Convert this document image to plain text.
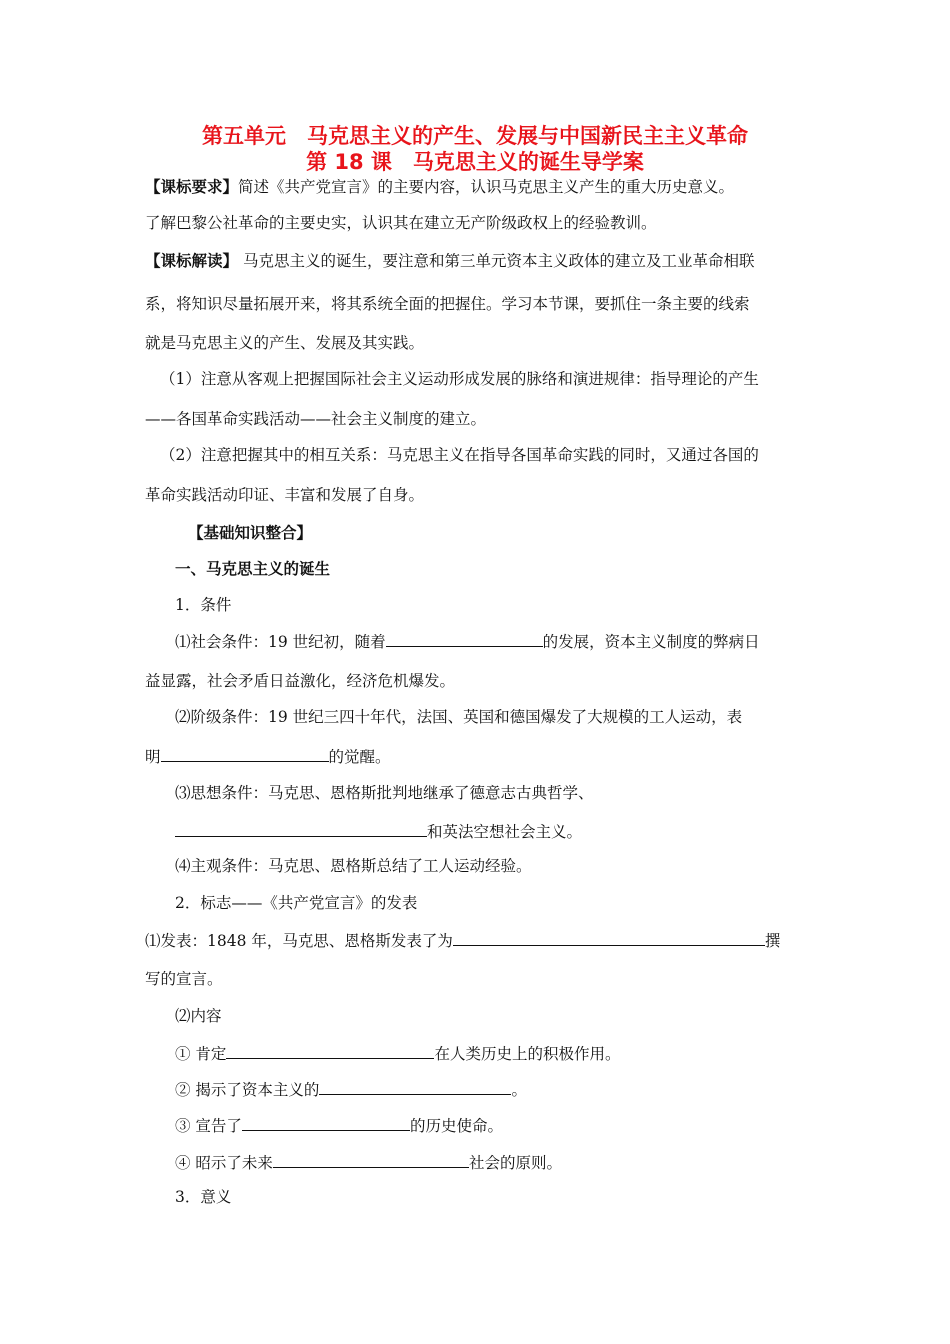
第五单元　马克思主义的产生、发展与中国新民主主义革命
第 18 课　马克思主义的诞生导学案
【课标要求】简述《共产党宣言》的主要内容，认识马克思主义产生的重大历史意义。
了解巴黎公社革命的主要史实，认识其在建立无产阶级政权上的经验教训。
【课标解读】 马克思主义的诞生，要注意和第三单元资本主义政体的建立及工业革命相联
系，将知识尽量拓展开来，将其系统全面的把握住。学习本节课，要抓住一条主要的线索
就是马克思主义的产生、发展及其实践。
（1）注意从客观上把握国际社会主义运动形成发展的脉络和演进规律：指导理论的产生
——各国革命实践活动——社会主义制度的建立。
（2）注意把握其中的相互关系：马克思主义在指导各国革命实践的同时，又通过各国的
革命实践活动印证、丰富和发展了自身。
【基础知识整合】
一、马克思主义的诞生
1．条件
⑴社会条件：19 世纪初，随着	的发展，资本主义制度的弊病日
益显露，社会矛盾日益激化，经济危机爆发。
⑵阶级条件：19 世纪三四十年代，法国、英国和德国爆发了大规模的工人运动，表
明	的觉醒。
⑶思想条件：马克思、恩格斯批判地继承了德意志古典哲学、
和英法空想社会主义。
⑷主观条件：马克思、恩格斯总结了工人运动经验。
2．标志——《共产党宣言》的发表
⑴发表：1848 年，马克思、恩格斯发表了为	撰
写的宣言。
⑵内容
① 肯定	在人类历史上的积极作用。
② 揭示了资本主义的	。
③ 宣告了	的历史使命。
④ 昭示了未来	社会的原则。
3．意义
